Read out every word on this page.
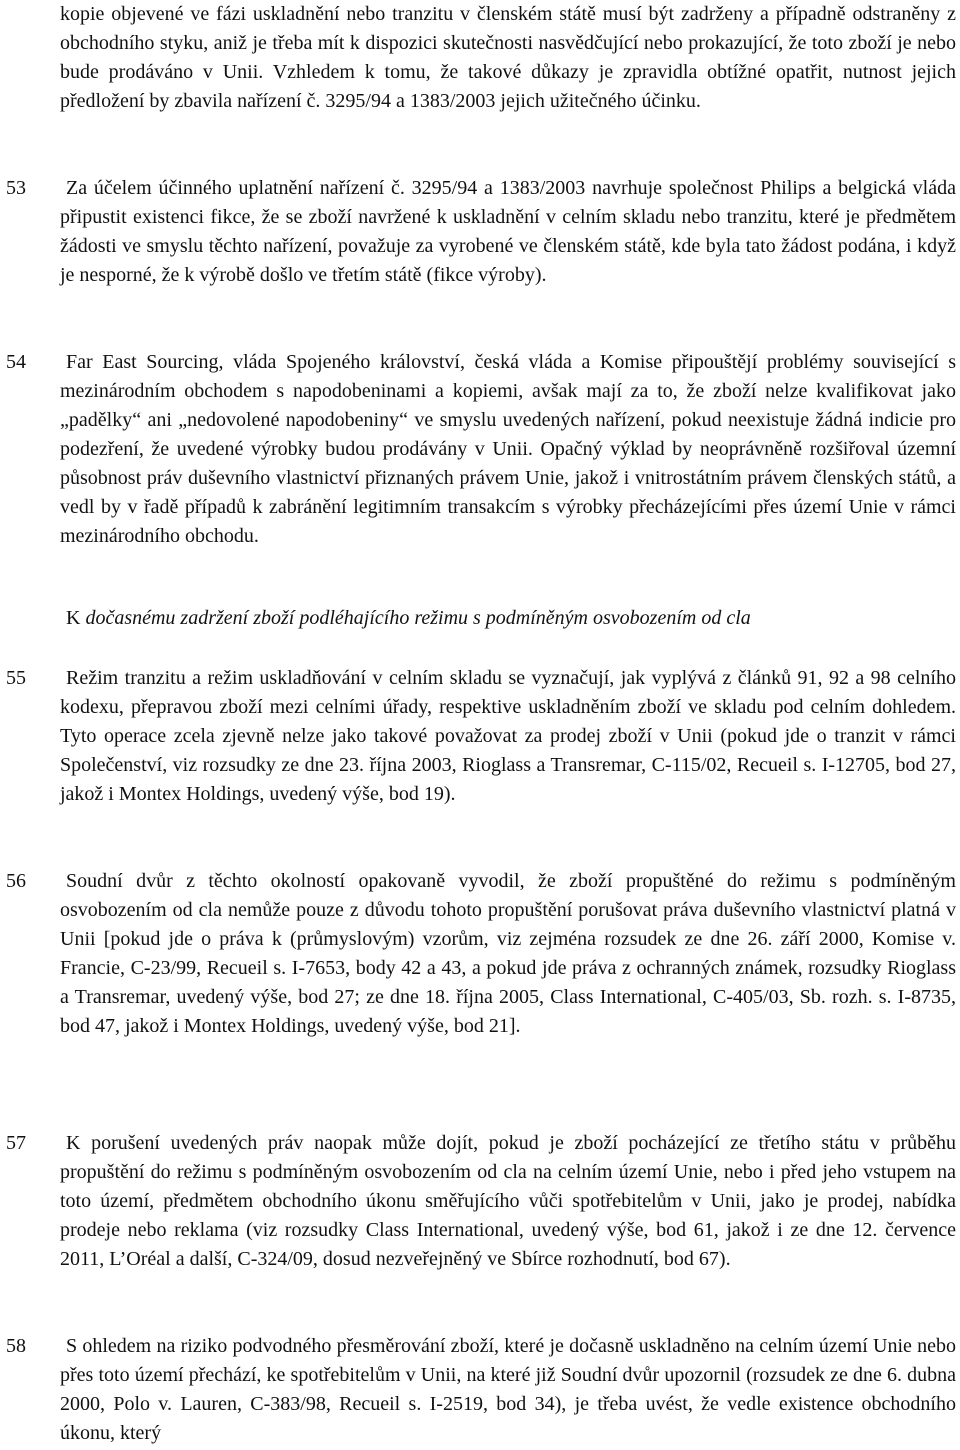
kopie objevené ve fázi uskladnění nebo tranzitu v členském státě musí být zadrženy a případně odstraněny z obchodního styku, aniž je třeba mít k dispozici skutečnosti nasvědčující nebo prokazující, že toto zboží je nebo bude prodáváno v Unii. Vzhledem k tomu, že takové důkazy je zpravidla obtížné opatřit, nutnost jejich předložení by zbavila nařízení č. 3295/94 a 1383/2003 jejich užitečného účinku.

53	Za účelem účinného uplatnění nařízení č. 3295/94 a 1383/2003 navrhuje společnost Philips a belgická vláda připustit existenci fikce, že se zboží navržené k uskladnění v celním skladu nebo tranzitu, které je předmětem žádosti ve smyslu těchto nařízení, považuje za vyrobené ve členském státě, kde byla tato žádost podána, i když je nesporné, že k výrobě došlo ve třetím státě (fikce výroby).

54	Far East Sourcing, vláda Spojeného království, česká vláda a Komise připouštějí problémy související s mezinárodním obchodem s napodobeninami a kopiemi, avšak mají za to, že zboží nelze kvalifikovat jako „padělky“ ani „nedovolené napodobeniny“ ve smyslu uvedených nařízení, pokud neexistuje žádná indicie pro podezření, že uvedené výrobky budou prodávány v Unii. Opačný výklad by neoprávněně rozšiřoval územní působnost práv duševního vlastnictví přiznaných právem Unie, jakož i vnitrostátním právem členských států, a vedl by v řadě případů k zabránění legitimním transakcím s výrobky přecházejícími přes území Unie v rámci mezinárodního obchodu.

K dočasnému zadržení zboží podléhajícího režimu s podmíněným osvobozením od cla

55	Režim tranzitu a režim uskladňování v celním skladu se vyznačují, jak vyplývá z článků 91, 92 a 98 celního kodexu, přepravou zboží mezi celními úřady, respektive uskladněním zboží ve skladu pod celním dohledem. Tyto operace zcela zjevně nelze jako takové považovat za prodej zboží v Unii (pokud jde o tranzit v rámci Společenství, viz rozsudky ze dne 23. října 2003, Rioglass a Transremar, C-115/02, Recueil s. I-12705, bod 27, jakož i Montex Holdings, uvedený výše, bod 19).

56	Soudní dvůr z těchto okolností opakovaně vyvodil, že zboží propuštěné do režimu s podmíněným osvobozením od cla nemůže pouze z důvodu tohoto propuštění porušovat práva duševního vlastnictví platná v Unii [pokud jde o práva k (průmyslovým) vzorům, viz zejména rozsudek ze dne 26. září 2000, Komise v. Francie, C-23/99, Recueil s. I-7653, body 42 a 43, a pokud jde práva z ochranných známek, rozsudky Rioglass a Transremar, uvedený výše, bod 27; ze dne 18. října 2005, Class International, C-405/03, Sb. rozh. s. I-8735, bod 47, jakož i Montex Holdings, uvedený výše, bod 21].

57	K porušení uvedených práv naopak může dojít, pokud je zboží pocházející ze třetího státu v průběhu propuštění do režimu s podmíněným osvobozením od cla na celním území Unie, nebo i před jeho vstupem na toto území, předmětem obchodního úkonu směřujícího vůči spotřebitelům v Unii, jako je prodej, nabídka prodeje nebo reklama (viz rozsudky Class International, uvedený výše, bod 61, jakož i ze dne 12. července 2011, L’Oréal a další, C-324/09, dosud nezveřejněný ve Sbírce rozhodnutí, bod 67).

58	S ohledem na riziko podvodného přesměrování zboží, které je dočasně uskladněno na celním území Unie nebo přes toto území přechází, ke spotřebitelům v Unii, na které již Soudní dvůr upozornil (rozsudek ze dne 6. dubna 2000, Polo v. Lauren, C-383/98, Recueil s. I-2519, bod 34), je třeba uvést, že vedle existence obchodního úkonu, který
